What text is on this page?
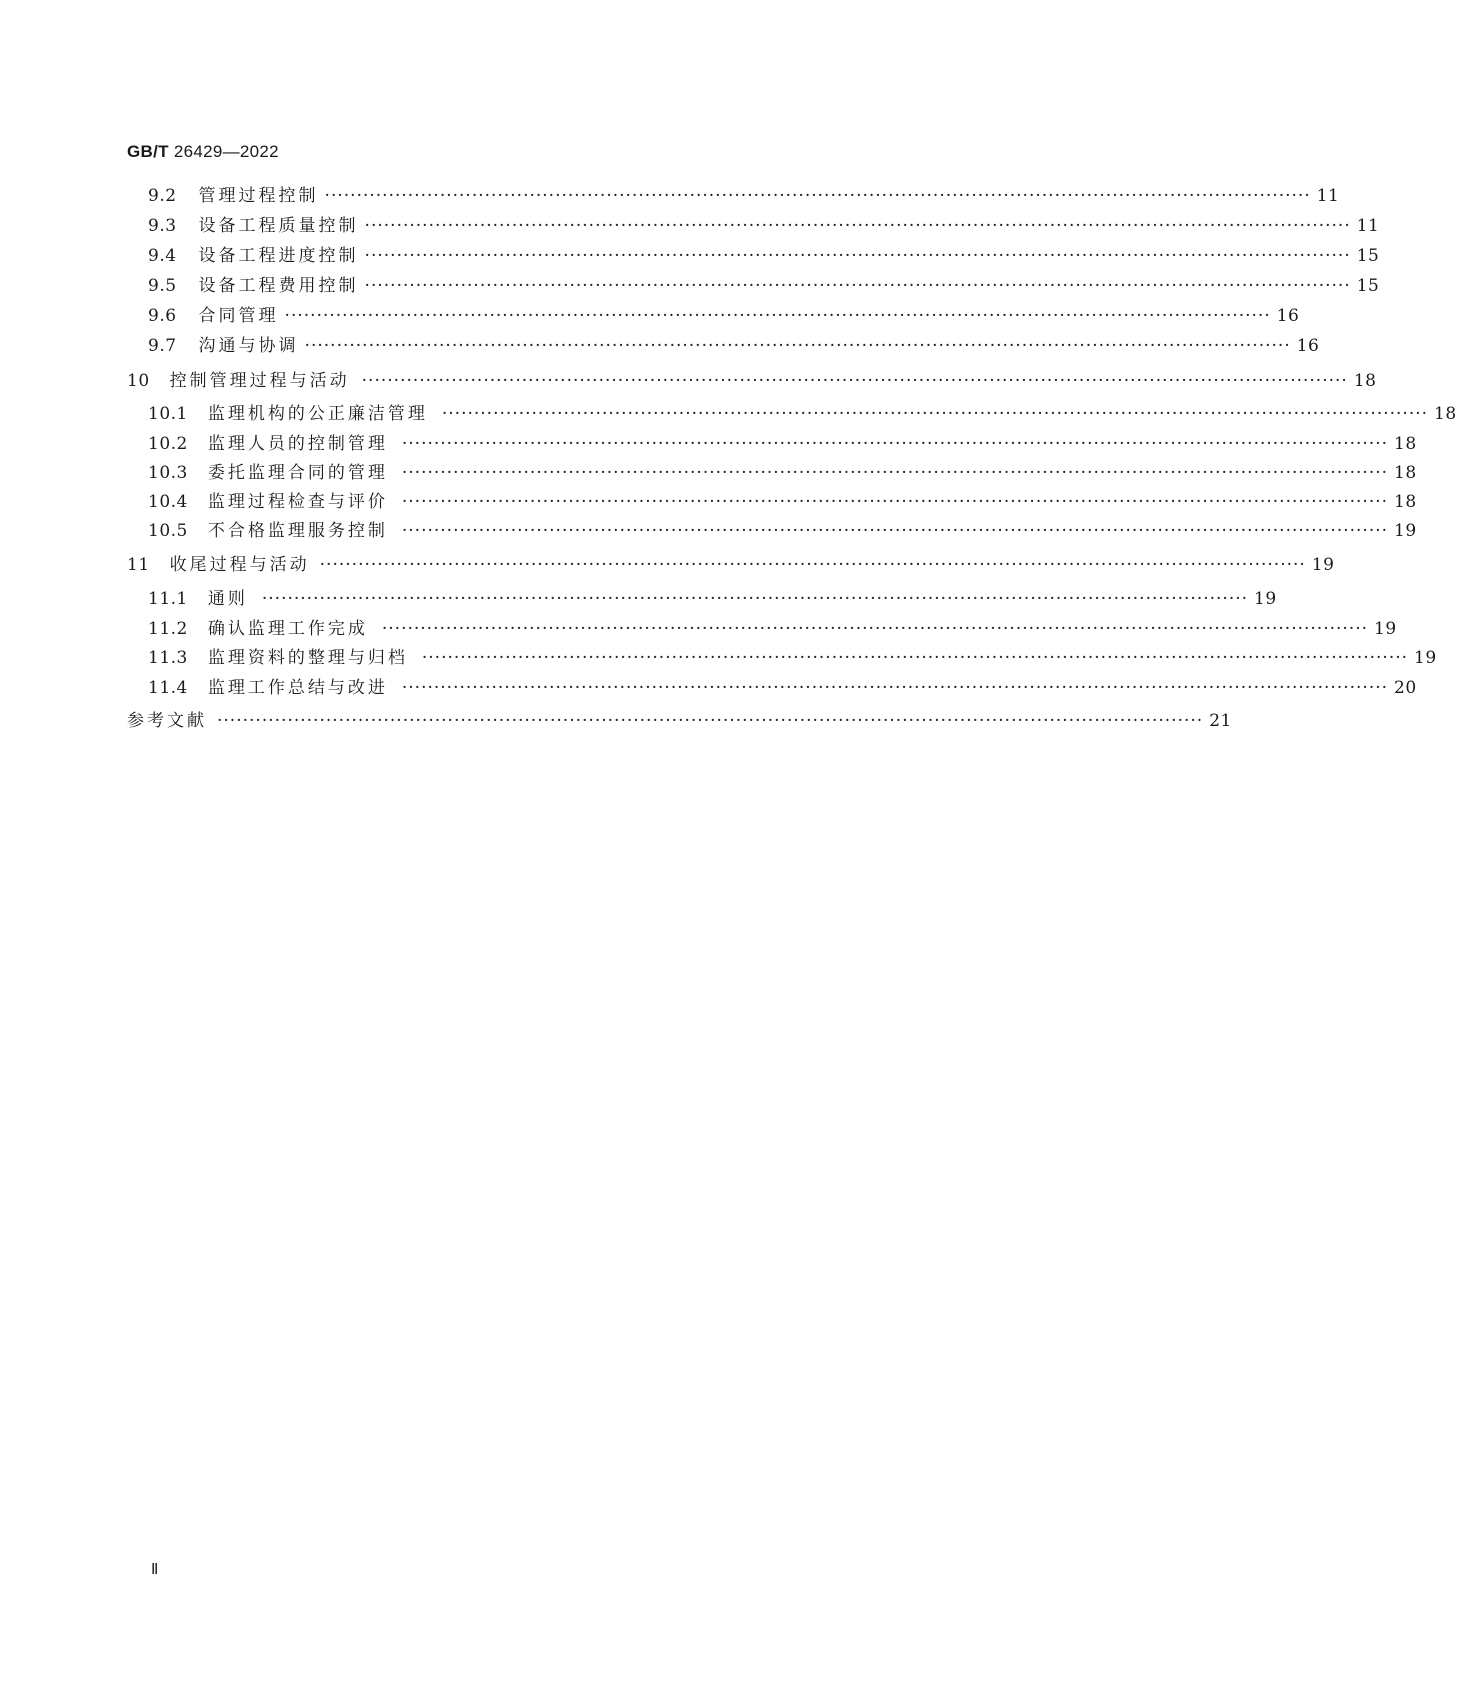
GB/T 26429—2022
9.2 管理过程控制 ·························································································································································· 11
9.3 设备工程质量控制 ·························································································································································· 11
9.4 设备工程进度控制 ·························································································································································· 15
9.5 设备工程费用控制 ·························································································································································· 15
9.6 合同管理 ·························································································································································· 16
9.7 沟通与协调 ·························································································································································· 16
10 控制管理过程与活动 ·························································································································································· 18
10.1 监理机构的公正廉洁管理 ·························································································································································· 18
10.2 监理人员的控制管理 ·························································································································································· 18
10.3 委托监理合同的管理 ·························································································································································· 18
10.4 监理过程检查与评价 ·························································································································································· 18
10.5 不合格监理服务控制 ·························································································································································· 19
11 收尾过程与活动 ·························································································································································· 19
11.1 通则 ·························································································································································· 19
11.2 确认监理工作完成 ·························································································································································· 19
11.3 监理资料的整理与归档 ·························································································································································· 19
11.4 监理工作总结与改进 ·························································································································································· 20
参考文献 ·························································································································································· 21
Ⅱ
